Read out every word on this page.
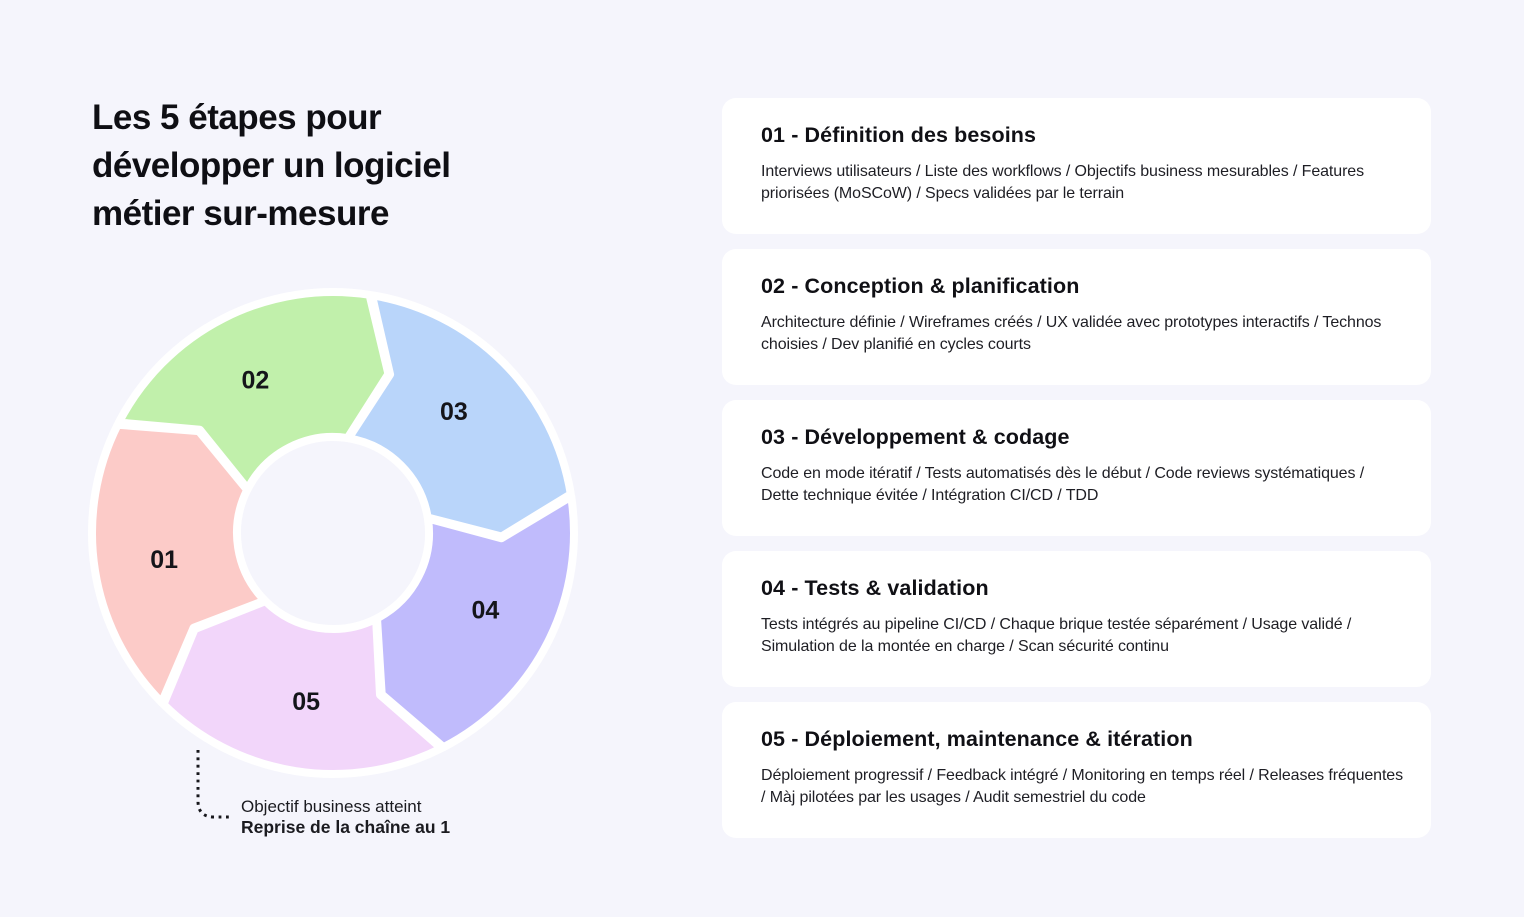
Les 5 étapes pour
développer un logiciel
métier sur-mesure
01
02
03
04
05
Objectif business atteint
Reprise de la chaîne au 1
01 - Définition des besoins

Interviews utilisateurs / Liste des workflows / Objectifs business mesurables / Features priorisées (MoSCoW) / Specs validées par le terrain

02 - Conception & planification

Architecture définie / Wireframes créés / UX validée avec prototypes interactifs / Technos choisies / Dev planifié en cycles courts

03 - Développement & codage

Code en mode itératif / Tests automatisés dès le début / Code reviews systématiques / Dette technique évitée / Intégration CI/CD / TDD

04 - Tests & validation

Tests intégrés au pipeline CI/CD / Chaque brique testée séparément / Usage validé / Simulation de la montée en charge / Scan sécurité continu

05 - Déploiement, maintenance & itération

Déploiement progressif / Feedback intégré / Monitoring en temps réel / Releases fréquentes / Màj pilotées par les usages / Audit semestriel du code
